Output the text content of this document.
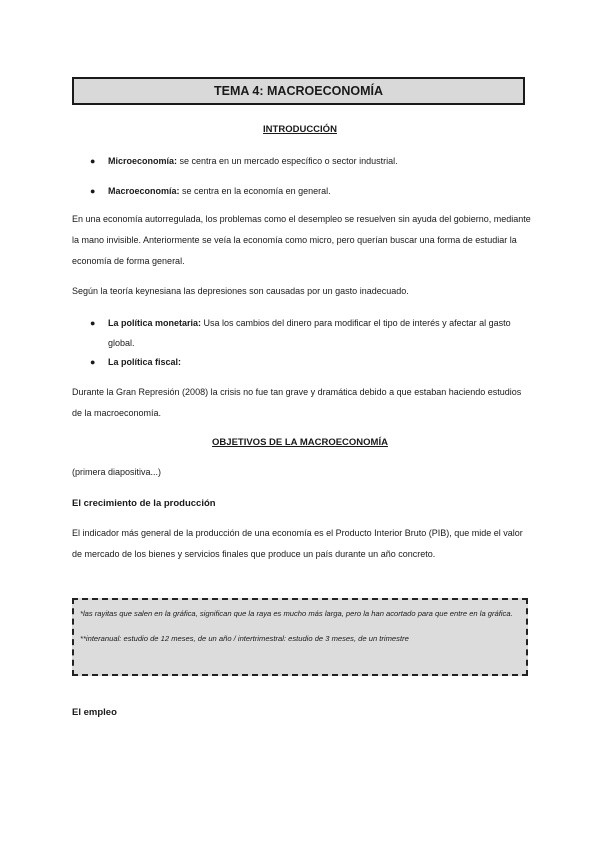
TEMA 4: MACROECONOMÍA
INTRODUCCIÓN
● Microeconomía: se centra en un mercado específico o sector industrial.
● Macroeconomía: se centra en la economía en general.
En una economía autorregulada, los problemas como el desempleo se resuelven sin ayuda del gobierno, mediante la mano invisible. Anteriormente se veía la economía como micro, pero querían buscar una forma de estudiar la economía de forma general.
Según la teoría keynesiana las depresiones son causadas por un gasto inadecuado.
● La política monetaria: Usa los cambios del dinero para modificar el tipo de interés y afectar al gasto global.
● La política fiscal:
Durante la Gran Represión (2008) la crisis no fue tan grave y dramática debido a que estaban haciendo estudios de la macroeconomía.
OBJETIVOS DE LA MACROECONOMÍA
(primera diapositiva...)
El crecimiento de la producción
El indicador más general de la producción de una economía es el Producto Interior Bruto (PIB), que mide el valor de mercado de los bienes y servicios finales que produce un país durante un año concreto.

*las rayitas que salen en la gráfica, significan que la raya es mucho más larga, pero la han acortado para que entre en la gráfica.

**interanual: estudio de 12 meses, de un año / intertrimestral: estudio de 3 meses, de un trimestre

El empleo
